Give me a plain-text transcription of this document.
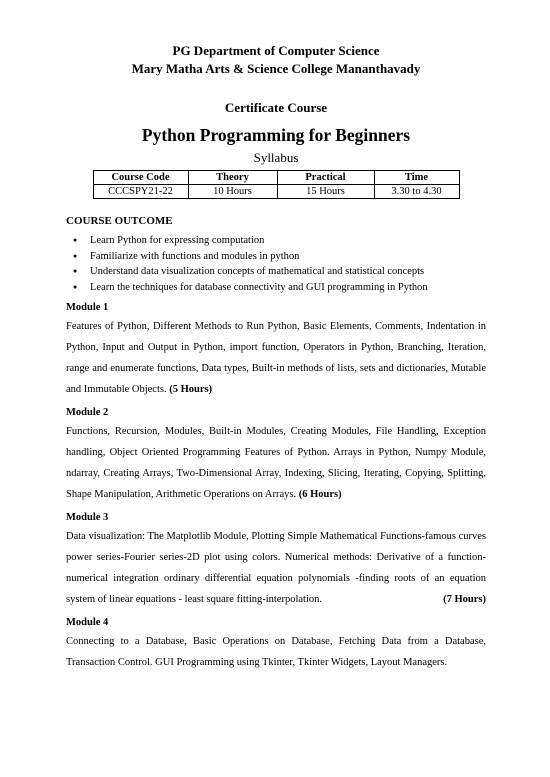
PG Department of Computer Science
Mary Matha Arts & Science College Mananthavady
Certificate Course
Python Programming for Beginners
Syllabus
Course Code	Theory	Practical	Time
CCCSPY21-22	10 Hours	15 Hours	3.30 to 4.30
COURSE OUTCOME
● Learn Python for expressing computation
● Familiarize with functions and modules in python
● Understand data visualization concepts of mathematical and statistical concepts
● Learn the techniques for database connectivity and GUI programming in Python
Module 1
Features of Python, Different Methods to Run Python, Basic Elements, Comments, Indentation in Python, Input and Output in Python, import function, Operators in Python, Branching, Iteration, range and enumerate functions, Data types, Built-in methods of lists, sets and dictionaries, Mutable and Immutable Objects. (5 Hours)
Module 2
Functions, Recursion, Modules, Built-in Modules, Creating Modules, File Handling, Exception handling, Object Oriented Programming Features of Python. Arrays in Python, Numpy Module, ndarray, Creating Arrays, Two-Dimensional Array, Indexing, Slicing, Iterating, Copying, Splitting, Shape Manipulation, Arithmetic Operations on Arrays. (6 Hours)
Module 3
Data visualization: The Matplotlib Module, Plotting Simple Mathematical Functions-famous curves power series-Fourier series-2D plot using colors. Numerical methods: Derivative of a function- numerical integration ordinary differential equation polynomials -finding roots of an equation system of linear equations - least square fitting-interpolation.	(7 Hours)
Module 4
Connecting to a Database, Basic Operations on Database, Fetching Data from a Database, Transaction Control. GUI Programming using Tkinter, Tkinter Widgets, Layout Managers.
